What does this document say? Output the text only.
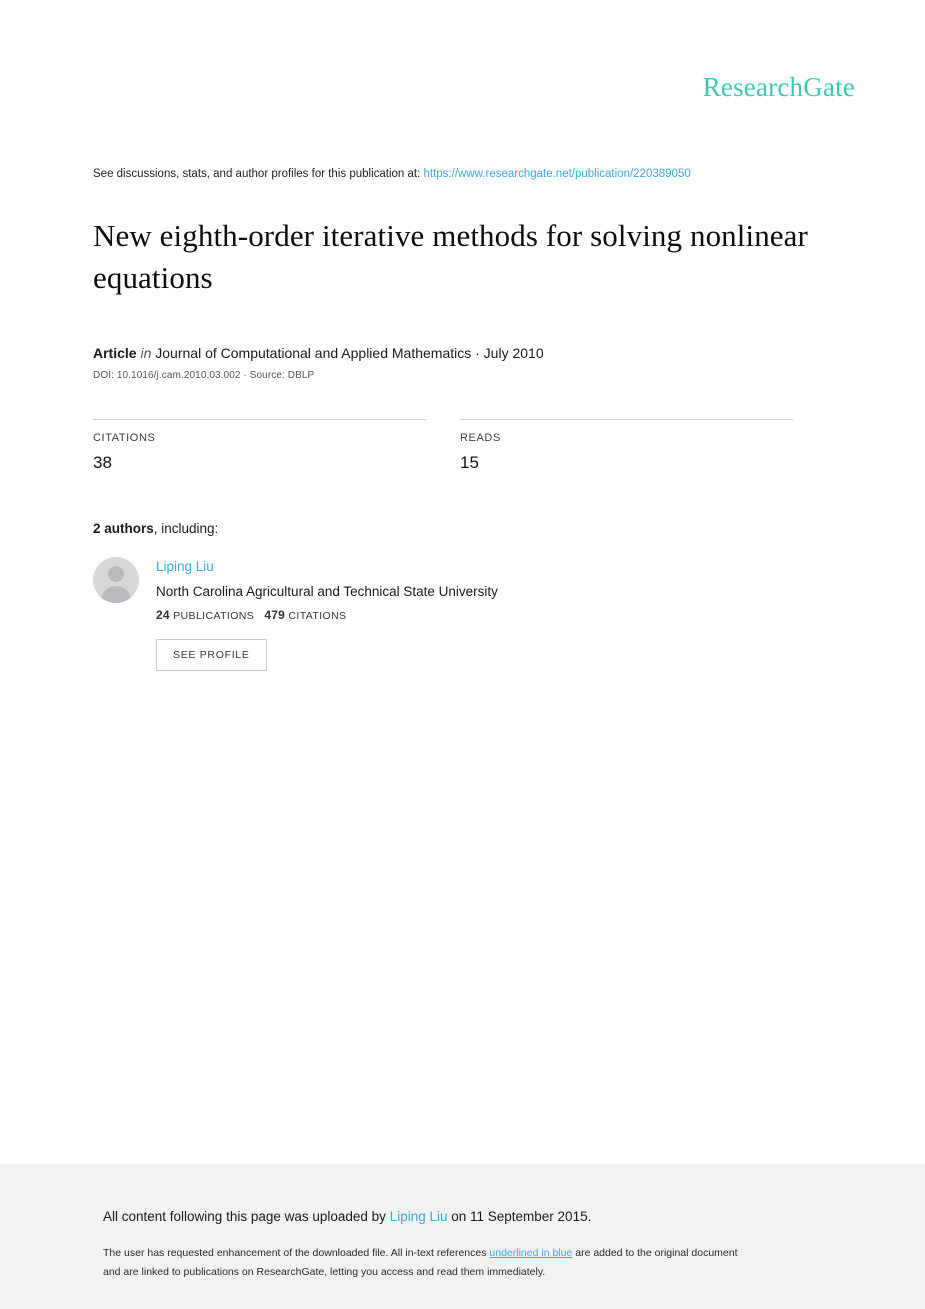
ResearchGate
See discussions, stats, and author profiles for this publication at: https://www.researchgate.net/publication/220389050
New eighth-order iterative methods for solving nonlinear equations
Article in Journal of Computational and Applied Mathematics · July 2010
DOI: 10.1016/j.cam.2010.03.002 · Source: DBLP
CITATIONS
38
READS
15
2 authors, including:
Liping Liu
North Carolina Agricultural and Technical State University
24 PUBLICATIONS 479 CITATIONS
SEE PROFILE
All content following this page was uploaded by Liping Liu on 11 September 2015.
The user has requested enhancement of the downloaded file. All in-text references underlined in blue are added to the original document
and are linked to publications on ResearchGate, letting you access and read them immediately.
